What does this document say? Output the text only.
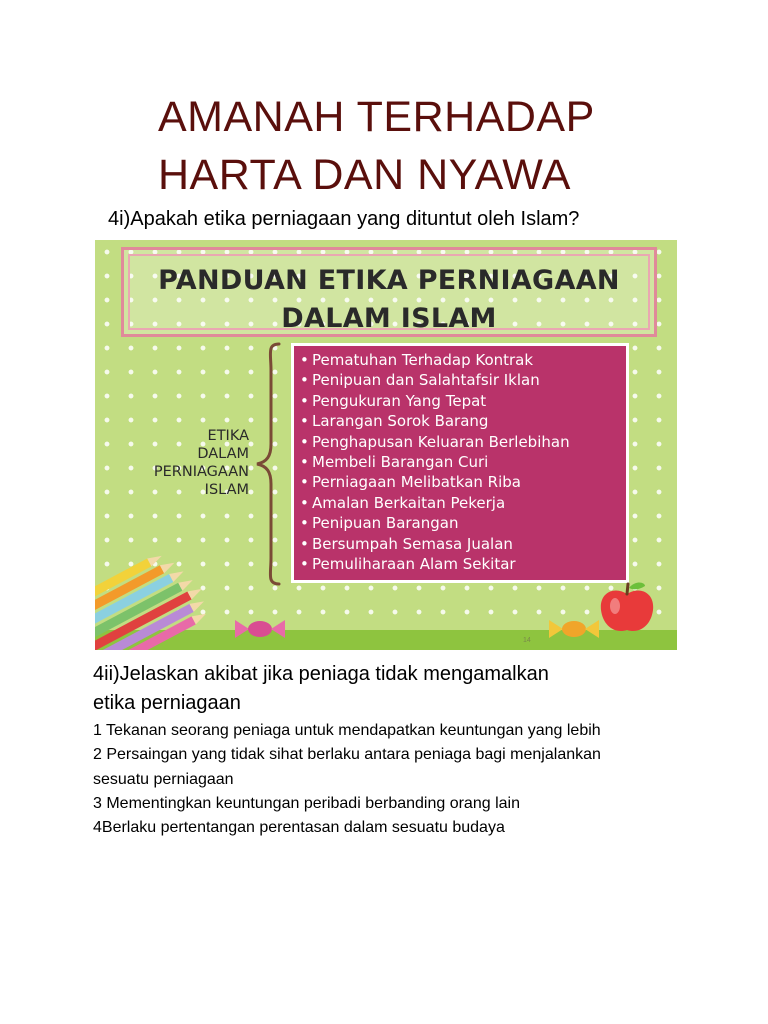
AMANAH TERHADAP
HARTA DAN NYAWA
4i)Apakah etika perniagaan yang dituntut oleh Islam?
PANDUAN ETIKA PERNIAGAAN
DALAM ISLAM
ETIKA
DALAM
PERNIAGAAN
ISLAM
• Pematuhan Terhadap Kontrak
• Penipuan dan Salahtafsir Iklan
• Pengukuran Yang Tepat
• Larangan Sorok Barang
• Penghapusan Keluaran Berlebihan
• Membeli Barangan Curi
• Perniagaan Melibatkan Riba
• Amalan Berkaitan Pekerja
• Penipuan Barangan
• Bersumpah Semasa Jualan
• Pemuliharaan Alam Sekitar
14
4ii)Jelaskan akibat jika peniaga tidak mengamalkan
etika perniagaan
1 Tekanan seorang peniaga untuk mendapatkan keuntungan yang lebih
2 Persaingan yang tidak sihat berlaku antara peniaga bagi menjalankan
sesuatu perniagaan
3 Mementingkan keuntungan peribadi berbanding orang lain
4Berlaku pertentangan perentasan dalam sesuatu budaya
